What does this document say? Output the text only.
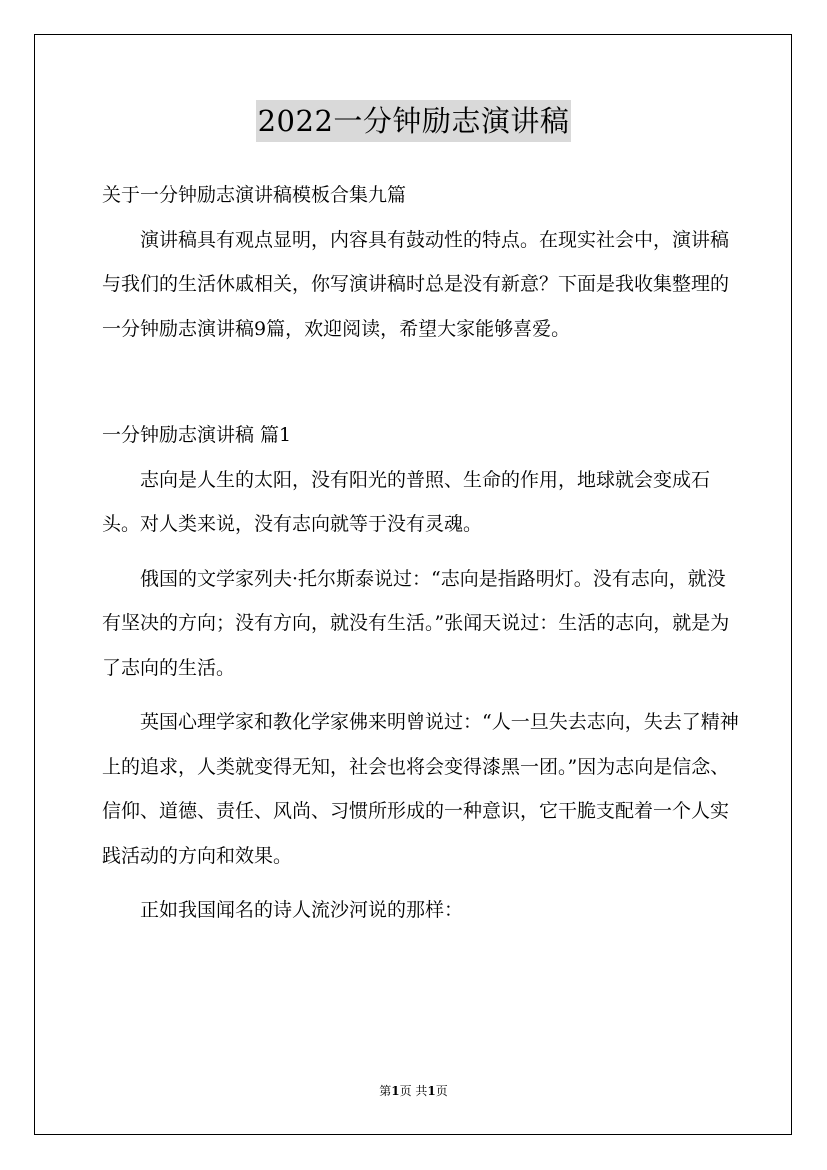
2022一分钟励志演讲稿

关于一分钟励志演讲稿模板合集九篇

演讲稿具有观点显明，内容具有鼓动性的特点。在现实社会中，演讲稿与我们的生活休戚相关，你写演讲稿时总是没有新意？下面是我收集整理的一分钟励志演讲稿9篇，欢迎阅读，希望大家能够喜爱。

一分钟励志演讲稿 篇1

志向是人生的太阳，没有阳光的普照、生命的作用，地球就会变成石头。对人类来说，没有志向就等于没有灵魂。

俄国的文学家列夫·托尔斯泰说过：“志向是指路明灯。没有志向，就没有坚决的方向；没有方向，就没有生活。”张闻天说过：生活的志向，就是为了志向的生活。

英国心理学家和教化学家佛来明曾说过：“人一旦失去志向，失去了精神上的追求，人类就变得无知，社会也将会变得漆黑一团。”因为志向是信念、信仰、道德、责任、风尚、习惯所形成的一种意识，它干脆支配着一个人实践活动的方向和效果。

正如我国闻名的诗人流沙河说的那样：

第1页 共1页
